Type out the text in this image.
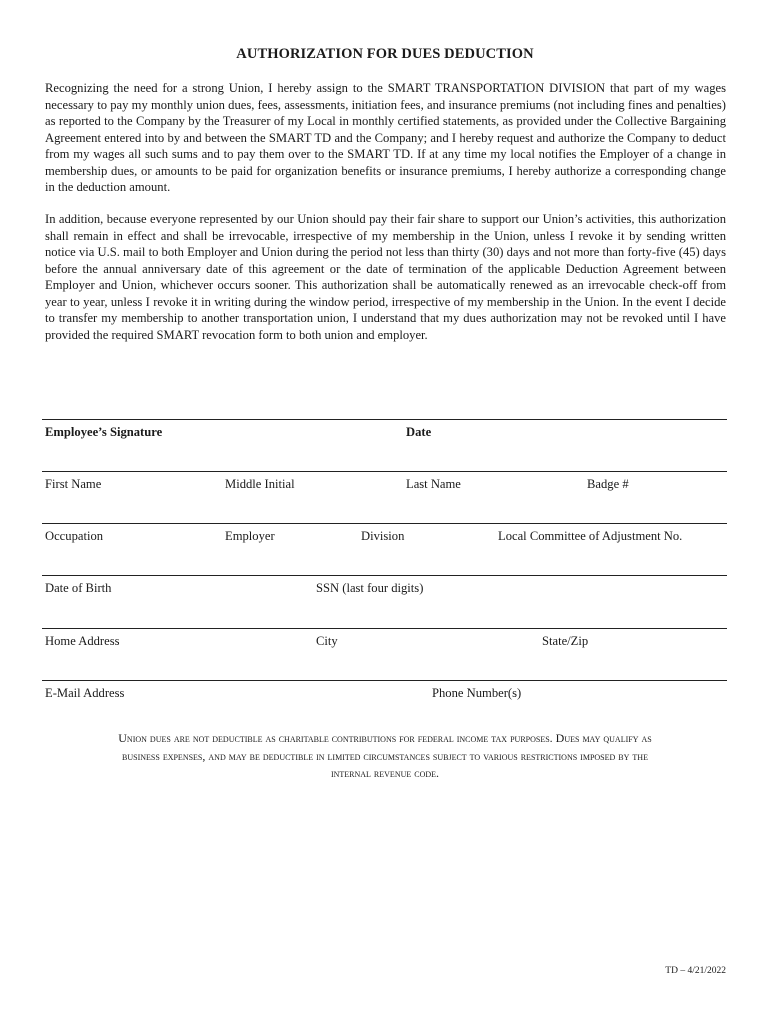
AUTHORIZATION FOR DUES DEDUCTION

Recognizing the need for a strong Union, I hereby assign to the SMART TRANSPORTATION DIVISION that part of my wages necessary to pay my monthly union dues, fees, assessments, initiation fees, and insurance premiums (not including fines and penalties) as reported to the Company by the Treasurer of my Local in monthly certified statements, as provided under the Collective Bargaining Agreement entered into by and between the SMART TD and the Company; and I hereby request and authorize the Company to deduct from my wages all such sums and to pay them over to the SMART TD. If at any time my local notifies the Employer of a change in membership dues, or amounts to be paid for organization benefits or insurance premiums, I hereby authorize a corresponding change in the deduction amount.

In addition, because everyone represented by our Union should pay their fair share to support our Union’s activities, this authorization shall remain in effect and shall be irrevocable, irrespective of my membership in the Union, unless I revoke it by sending written notice via U.S. mail to both Employer and Union during the period not less than thirty (30) days and not more than forty-five (45) days before the annual anniversary date of this agreement or the date of termination of the applicable Deduction Agreement between Employer and Union, whichever occurs sooner. This authorization shall be automatically renewed as an irrevocable check-off from year to year, unless I revoke it in writing during the window period, irrespective of my membership in the Union. In the event I decide to transfer my membership to another transportation union, I understand that my dues authorization may not be revoked until I have provided the required SMART revocation form to both union and employer.

Employee’s Signature	Date
First Name	Middle Initial	Last Name	Badge #
Occupation	Employer	Division	Local Committee of Adjustment No.
Date of Birth	SSN (last four digits)
Home Address	City	State/Zip
E-Mail Address	Phone Number(s)
Union dues are not deductible as charitable contributions for federal income tax purposes. Dues may qualify as
business expenses, and may be deductible in limited circumstances subject to various restrictions imposed by the
internal revenue code.
TD – 4/21/2022
